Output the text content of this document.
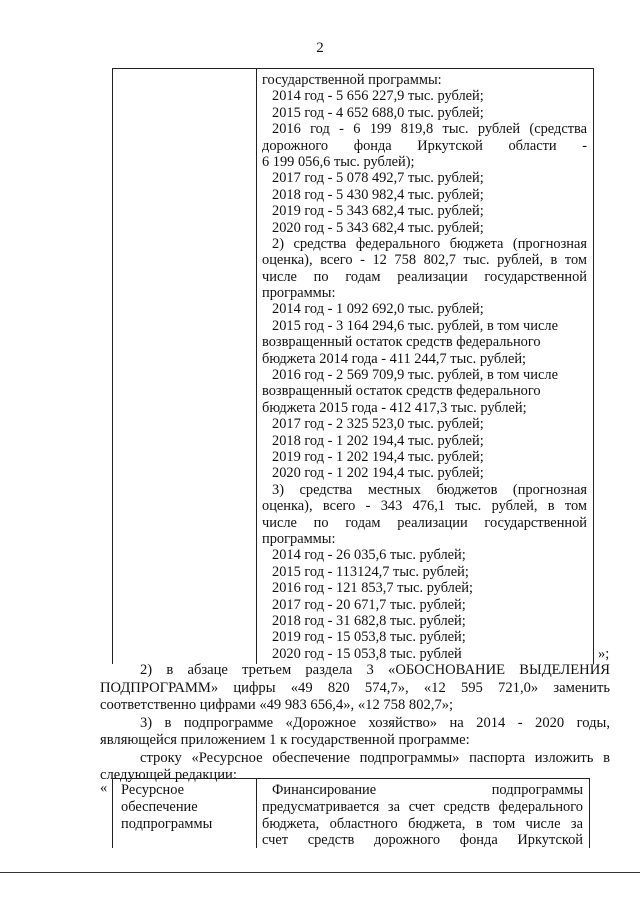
2
государственной программы:
2014 год - 5 656 227,9 тыс. рублей;
2015 год - 4 652 688,0 тыс. рублей;
2016 год - 6 199 819,8 тыс. рублей (средства
дорожного фонда Иркутской области -
6 199 056,6 тыс. рублей);
2017 год - 5 078 492,7 тыс. рублей;
2018 год - 5 430 982,4 тыс. рублей;
2019 год - 5 343 682,4 тыс. рублей;
2020 год - 5 343 682,4 тыс. рублей;
2) средства федерального бюджета (прогнозная
оценка), всего - 12 758 802,7 тыс. рублей, в том
числе по годам реализации государственной
программы:
2014 год - 1 092 692,0 тыс. рублей;
2015 год - 3 164 294,6 тыс. рублей, в том числе
возвращенный остаток средств федерального
бюджета 2014 года - 411 244,7 тыс. рублей;
2016 год - 2 569 709,9 тыс. рублей, в том числе
возвращенный остаток средств федерального
бюджета 2015 года - 412 417,3 тыс. рублей;
2017 год - 2 325 523,0 тыс. рублей;
2018 год - 1 202 194,4 тыс. рублей;
2019 год - 1 202 194,4 тыс. рублей;
2020 год - 1 202 194,4 тыс. рублей;
3) средства местных бюджетов (прогнозная
оценка), всего - 343 476,1 тыс. рублей, в том
числе по годам реализации государственной
программы:
2014 год - 26 035,6 тыс. рублей;
2015 год - 113124,7 тыс. рублей;
2016 год - 121 853,7 тыс. рублей;
2017 год - 20 671,7 тыс. рублей;
2018 год - 31 682,8 тыс. рублей;
2019 год - 15 053,8 тыс. рублей;
2020 год - 15 053,8 тыс. рублей	»;
2) в абзаце третьем раздела 3 «ОБОСНОВАНИЕ ВЫДЕЛЕНИЯ
ПОДПРОГРАММ» цифры «49 820 574,7», «12 595 721,0» заменить
соответственно цифрами «49 983 656,4», «12 758 802,7»;
3) в подпрограмме «Дорожное хозяйство» на 2014 - 2020 годы,
являющейся приложением 1 к государственной программе:
строку «Ресурсное обеспечение подпрограммы» паспорта изложить в
следующей редакции:
« Ресурсное
обеспечение
подпрограммы
Финансирование подпрограммы
предусматривается за счет средств федерального
бюджета, областного бюджета, в том числе за
счет средств дорожного фонда Иркутской
